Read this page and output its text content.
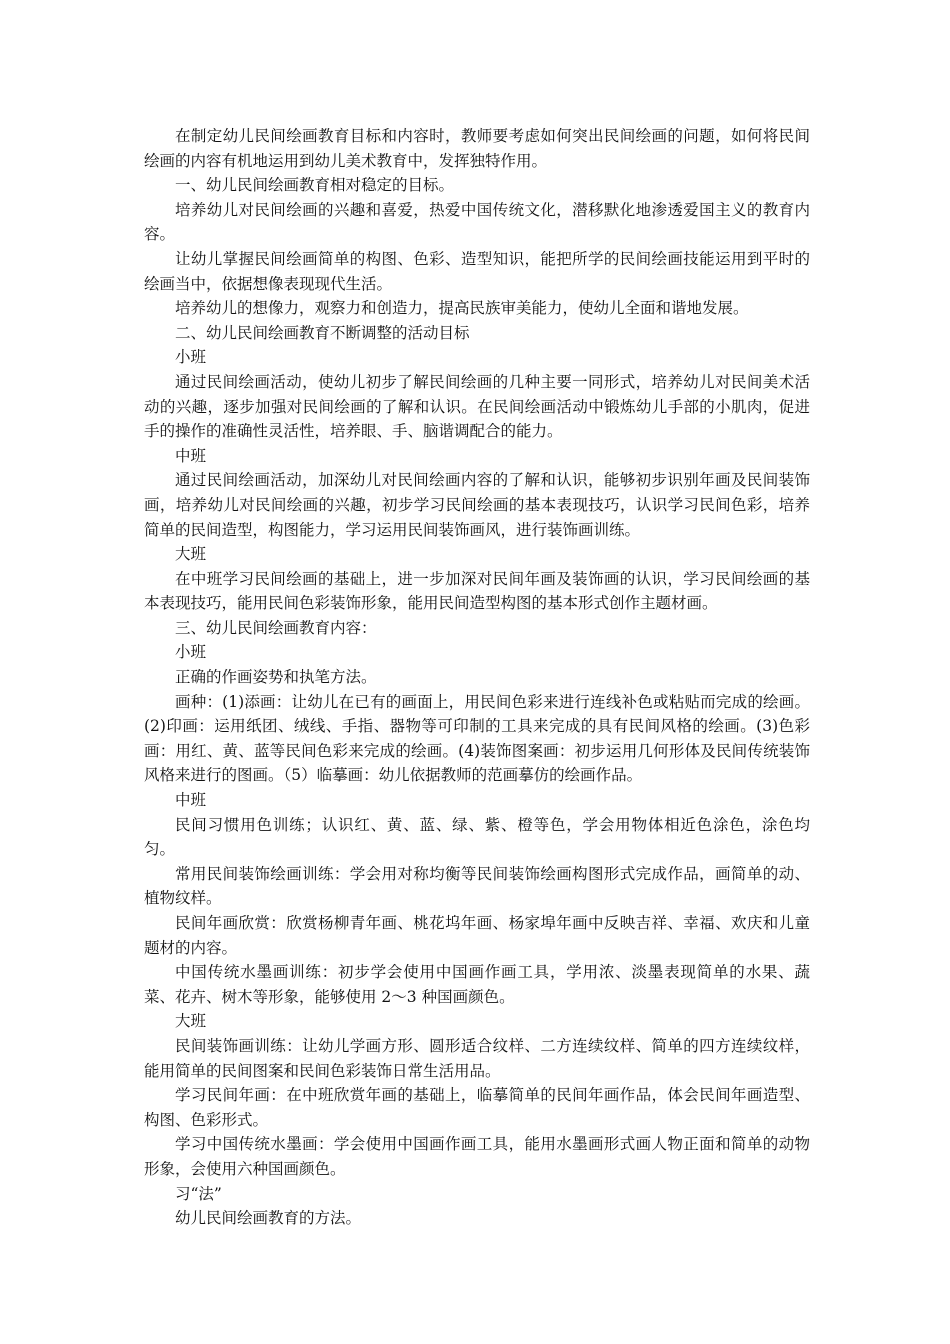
在制定幼儿民间绘画教育目标和内容时，教师要考虑如何突出民间绘画的问题，如何将民间绘画的内容有机地运用到幼儿美术教育中，发挥独特作用。

一、幼儿民间绘画教育相对稳定的目标。

培养幼儿对民间绘画的兴趣和喜爱，热爱中国传统文化，潜移默化地渗透爱国主义的教育内容。

让幼儿掌握民间绘画简单的构图、色彩、造型知识，能把所学的民间绘画技能运用到平时的绘画当中，依据想像表现现代生活。

培养幼儿的想像力，观察力和创造力，提高民族审美能力，使幼儿全面和谐地发展。

二、幼儿民间绘画教育不断调整的活动目标

小班

通过民间绘画活动，使幼儿初步了解民间绘画的几种主要一同形式，培养幼儿对民间美术活动的兴趣，逐步加强对民间绘画的了解和认识。在民间绘画活动中锻炼幼儿手部的小肌肉，促进手的操作的准确性灵活性，培养眼、手、脑谐调配合的能力。

中班

通过民间绘画活动，加深幼儿对民间绘画内容的了解和认识，能够初步识别年画及民间装饰画，培养幼儿对民间绘画的兴趣，初步学习民间绘画的基本表现技巧，认识学习民间色彩，培养简单的民间造型，构图能力，学习运用民间装饰画风，进行装饰画训练。

大班

在中班学习民间绘画的基础上，进一步加深对民间年画及装饰画的认识，学习民间绘画的基本表现技巧，能用民间色彩装饰形象，能用民间造型构图的基本形式创作主题材画。

三、幼儿民间绘画教育内容：

小班

正确的作画姿势和执笔方法。

画种：(1)添画：让幼儿在已有的画面上，用民间色彩来进行连线补色或粘贴而完成的绘画。(2)印画：运用纸团、绒线、手指、器物等可印制的工具来完成的具有民间风格的绘画。(3)色彩画：用红、黄、蓝等民间色彩来完成的绘画。(4)装饰图案画：初步运用几何形体及民间传统装饰风格来进行的图画。（5）临摹画：幼儿依据教师的范画摹仿的绘画作品。

中班

民间习惯用色训练；认识红、黄、蓝、绿、紫、橙等色，学会用物体相近色涂色，涂色均匀。

常用民间装饰绘画训练：学会用对称均衡等民间装饰绘画构图形式完成作品，画简单的动、植物纹样。

民间年画欣赏：欣赏杨柳青年画、桃花坞年画、杨家埠年画中反映吉祥、幸福、欢庆和儿童题材的内容。

中国传统水墨画训练：初步学会使用中国画作画工具，学用浓、淡墨表现简单的水果、蔬菜、花卉、树木等形象，能够使用 2～3 种国画颜色。

大班

民间装饰画训练：让幼儿学画方形、圆形适合纹样、二方连续纹样、简单的四方连续纹样，能用简单的民间图案和民间色彩装饰日常生活用品。

学习民间年画：在中班欣赏年画的基础上，临摹简单的民间年画作品，体会民间年画造型、构图、色彩形式。

学习中国传统水墨画：学会使用中国画作画工具，能用水墨画形式画人物正面和简单的动物形象，会使用六种国画颜色。

习“法”

幼儿民间绘画教育的方法。
